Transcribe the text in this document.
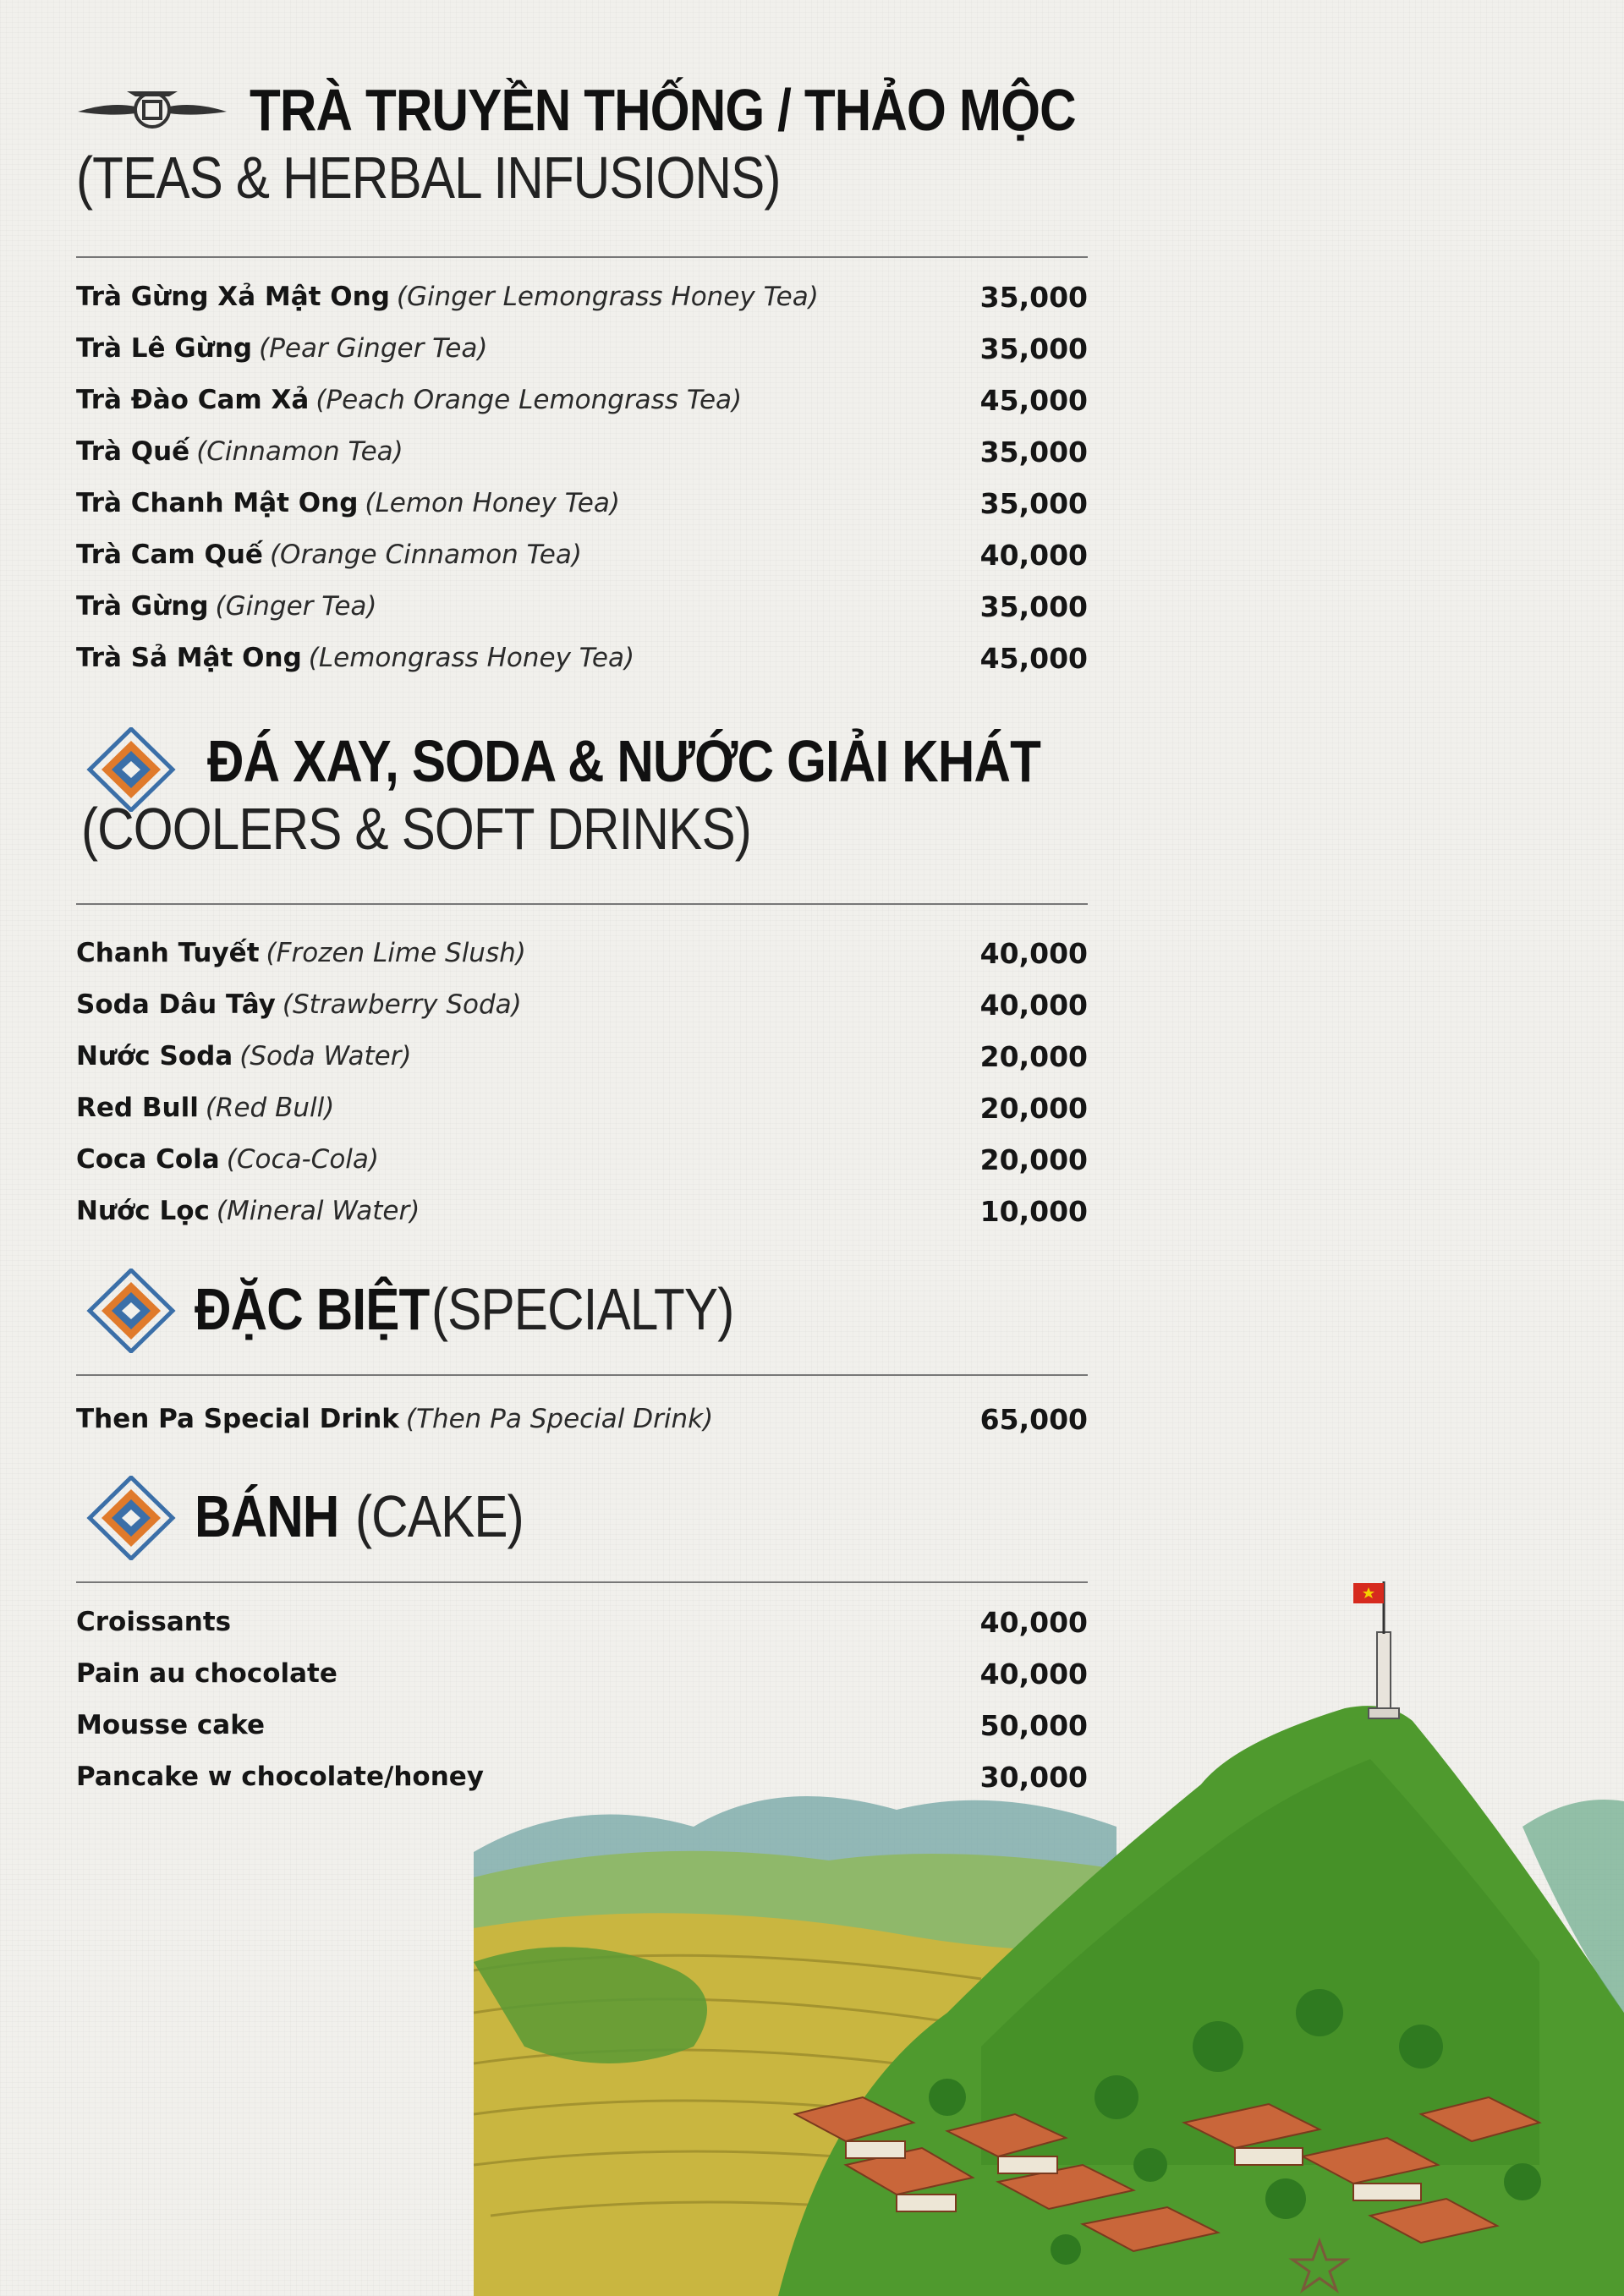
TRÀ TRUYỀN THỐNG / THẢO MỘC
(TEAS & HERBAL INFUSIONS)
Trà Gừng Xả Mật Ong (Ginger Lemongrass Honey Tea)	35,000
Trà Lê Gừng (Pear Ginger Tea)	35,000
Trà Đào Cam Xả (Peach Orange Lemongrass Tea)	45,000
Trà Quế (Cinnamon Tea)	35,000
Trà Chanh Mật Ong (Lemon Honey Tea)	35,000
Trà Cam Quế (Orange Cinnamon Tea)	40,000
Trà Gừng (Ginger Tea)	35,000
Trà Sả Mật Ong (Lemongrass Honey Tea)	45,000
ĐÁ XAY, SODA & NƯỚC GIẢI KHÁT
(COOLERS & SOFT DRINKS)
Chanh Tuyết (Frozen Lime Slush)	40,000
Soda Dâu Tây (Strawberry Soda)	40,000
Nước Soda (Soda Water)	20,000
Red Bull (Red Bull)	20,000
Coca Cola (Coca-Cola)	20,000
Nước Lọc (Mineral Water)	10,000
ĐẶC BIỆT (SPECIALTY)
Then Pa Special Drink (Then Pa Special Drink)	65,000
BÁNH (CAKE)
Croissants	40,000
Pain au chocolate	40,000
Mousse cake	50,000
Pancake w chocolate/honey	30,000
